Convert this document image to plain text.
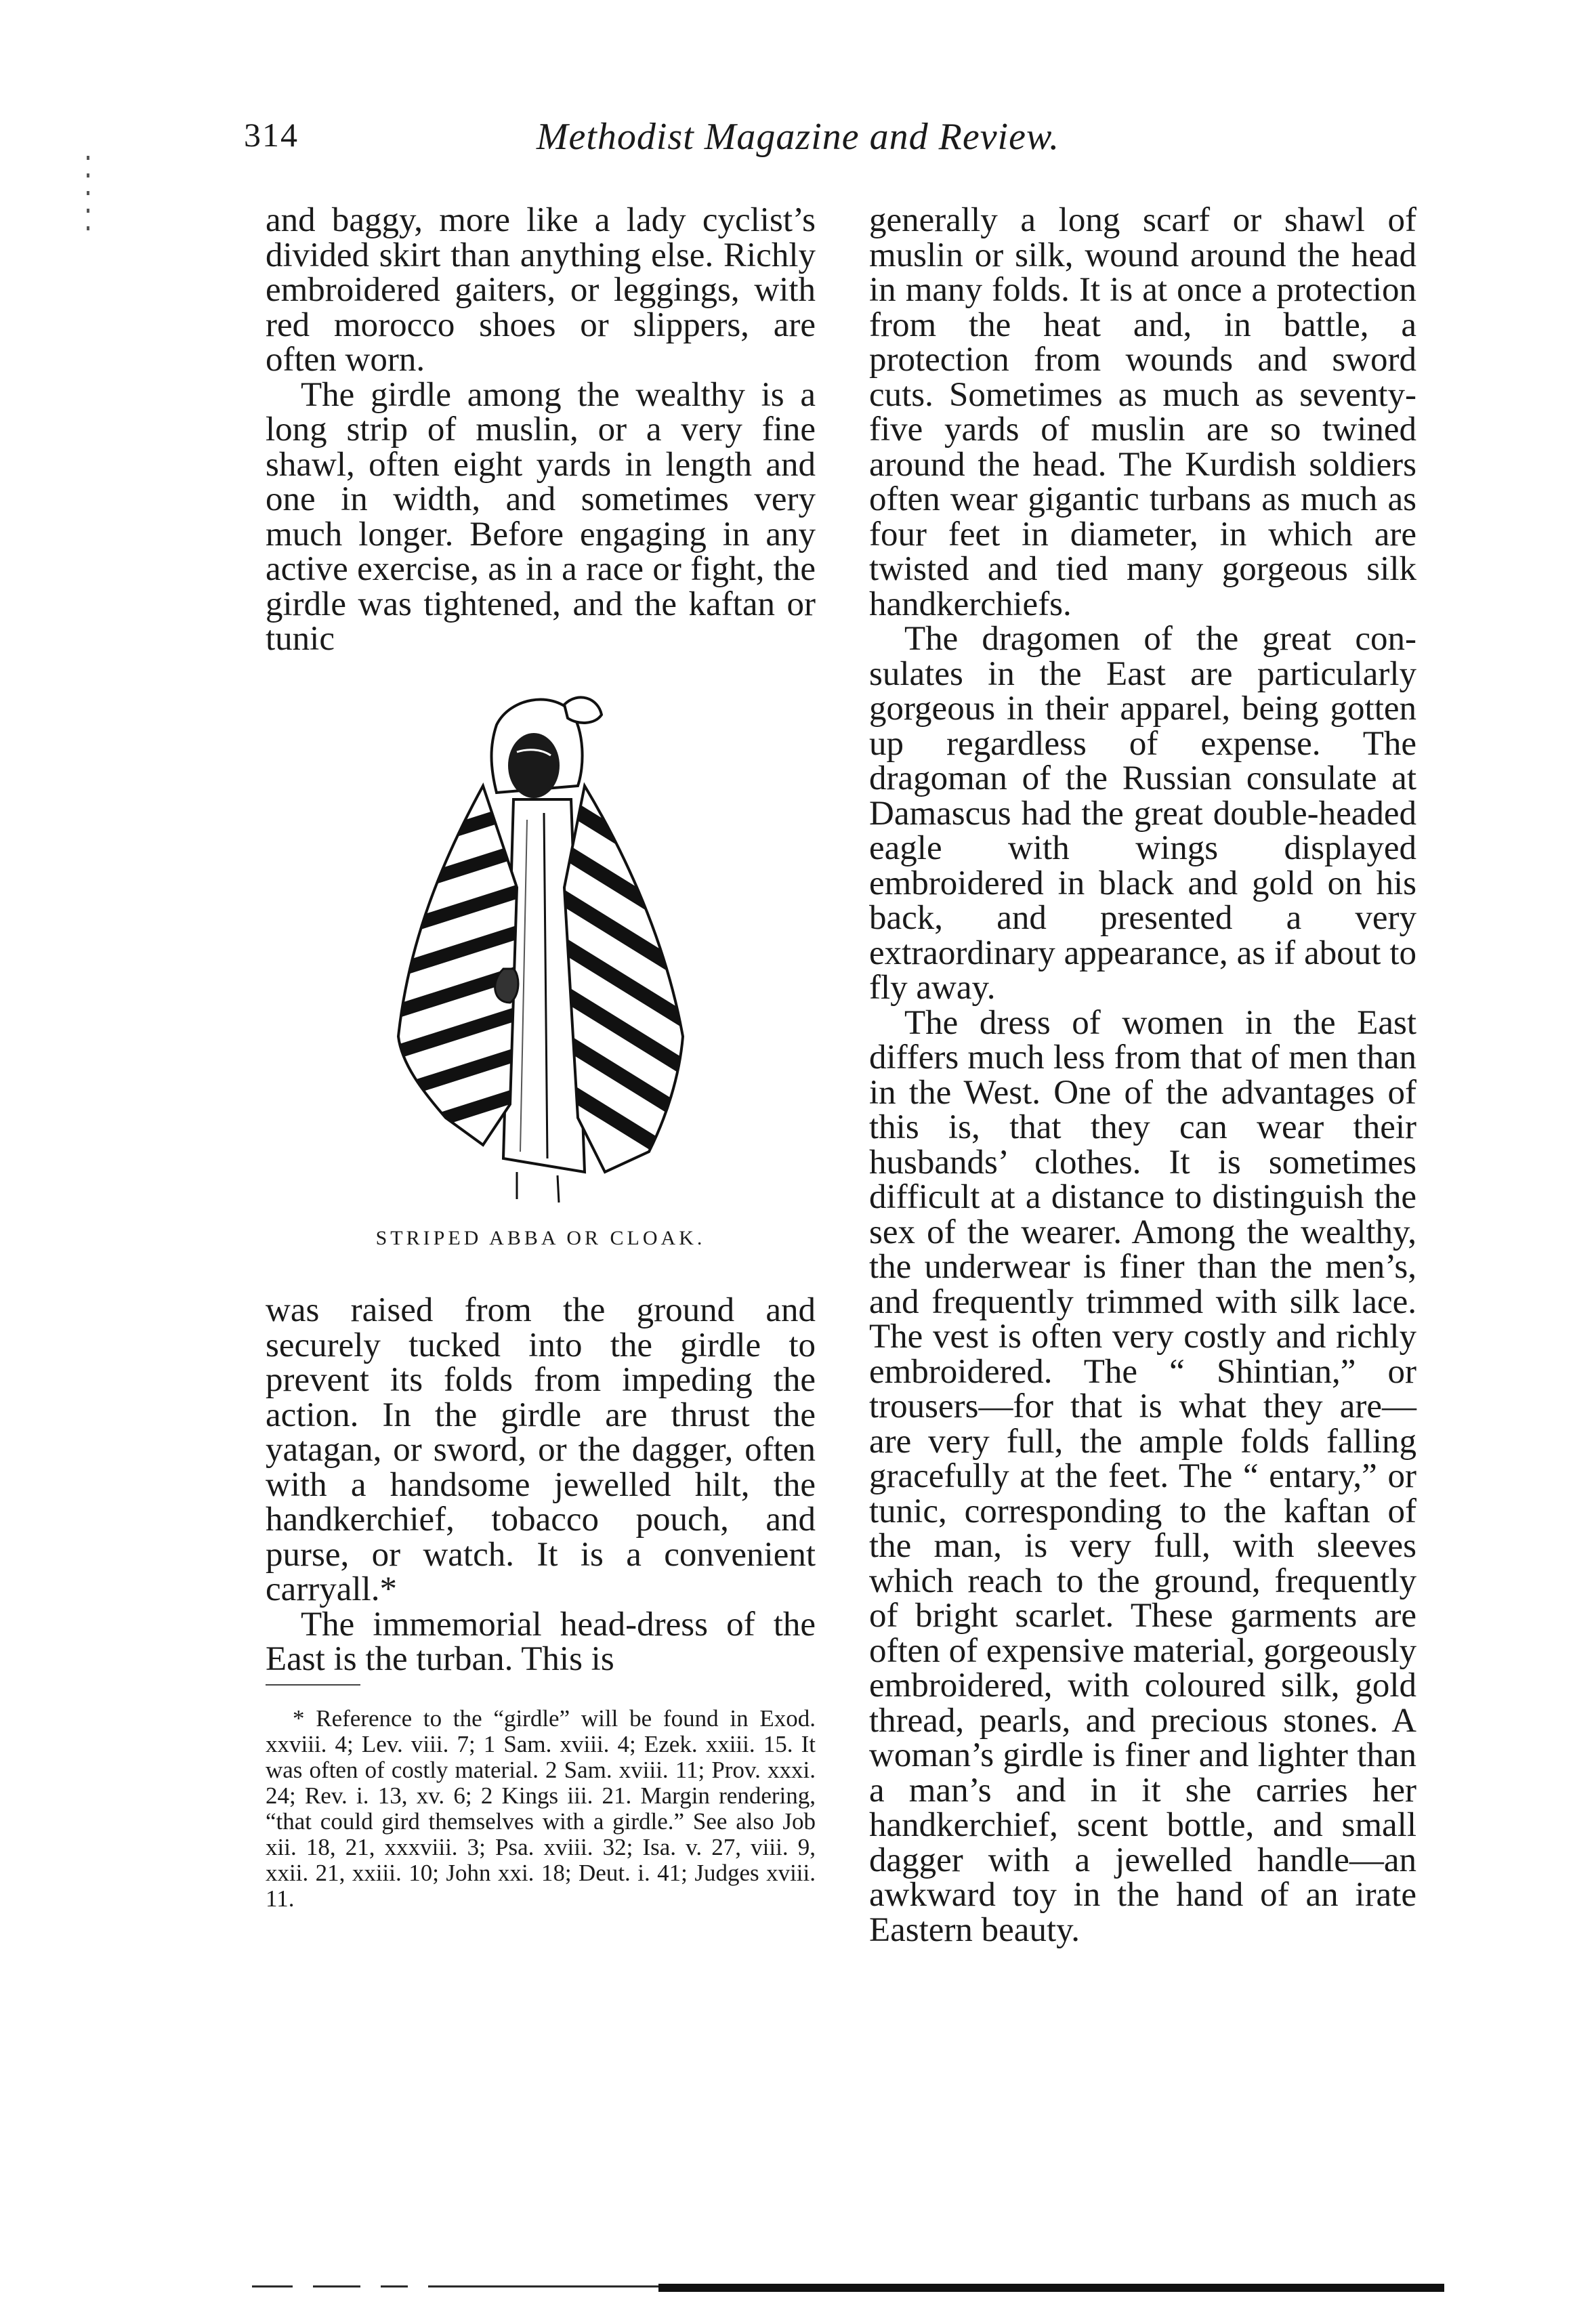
314	Methodist Magazine and Review.

and baggy, more like a lady cyclist’s divided skirt than anything else. Richly embroidered gaiters, or leggings, with red morocco shoes or slippers, are often worn.

The girdle among the wealthy is a long strip of muslin, or a very fine shawl, often eight yards in length and one in width, and sometimes very much longer. Before engaging in any active exercise, as in a race or fight, the girdle was tightened, and the kaftan or tunic

STRIPED ABBA OR CLOAK.

was raised from the ground and securely tucked into the girdle to prevent its folds from impeding the action. In the girdle are thrust the yatagan, or sword, or the dagger, often with a handsome jewelled hilt, the handkerchief, tobacco pouch, and purse, or watch. It is a convenient carryall.*

The immemorial head-dress of the East is the turban. This is

* Reference to the “girdle” will be found in Exod. xxviii. 4; Lev. viii. 7; 1 Sam. xviii. 4; Ezek. xxiii. 15. It was often of costly material. 2 Sam. xviii. 11; Prov. xxxi. 24; Rev. i. 13, xv. 6; 2 Kings iii. 21. Margin rendering, “that could gird themselves with a girdle.” See also Job xii. 18, 21, xxxviii. 3; Psa. xviii. 32; Isa. v. 27, viii. 9, xxii. 21, xxiii. 10; John xxi. 18; Deut. i. 41; Judges xviii. 11.

generally a long scarf or shawl of muslin or silk, wound around the head in many folds. It is at once a protection from the heat and, in battle, a protection from wounds and sword cuts. Sometimes as much as seventy-five yards of muslin are so twined around the head. The Kurdish soldiers often wear gigantic turbans as much as four feet in diameter, in which are twisted and tied many gorgeous silk handkerchiefs.

The dragomen of the great consulates in the East are particularly gorgeous in their apparel, being gotten up regardless of expense. The dragoman of the Russian consulate at Damascus had the great double-headed eagle with wings displayed embroidered in black and gold on his back, and presented a very extraordinary appearance, as if about to fly away.

The dress of women in the East differs much less from that of men than in the West. One of the advantages of this is, that they can wear their husbands’ clothes. It is sometimes difficult at a distance to distinguish the sex of the wearer. Among the wealthy, the underwear is finer than the men’s, and frequently trimmed with silk lace. The vest is often very costly and richly embroidered. The “ Shintian,” or trousers—for that is what they are—are very full, the ample folds falling gracefully at the feet. The “ entary,” or tunic, corresponding to the kaftan of the man, is very full, with sleeves which reach to the ground, frequently of bright scarlet. These garments are often of expensive material, gorgeously embroidered, with coloured silk, gold thread, pearls, and precious stones. A woman’s girdle is finer and lighter than a man’s and in it she carries her handkerchief, scent bottle, and small dagger with a jewelled handle—an awkward toy in the hand of an irate Eastern beauty.
